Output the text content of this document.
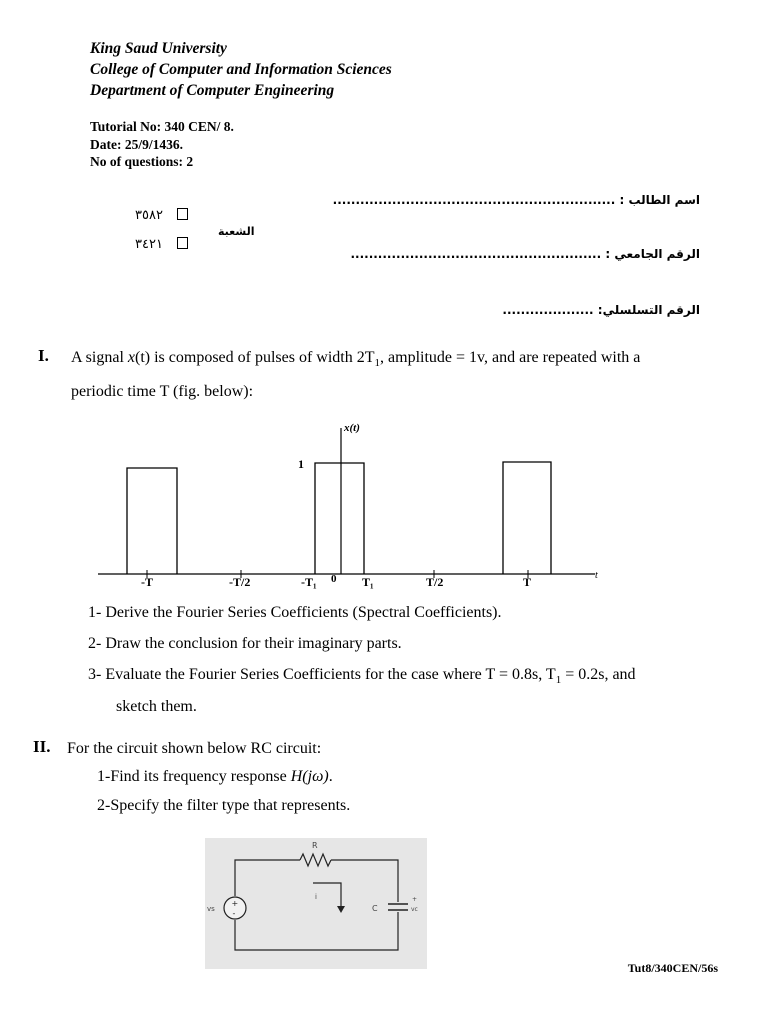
King Saud University
College of Computer and Information Sciences
Department of Computer Engineering
Tutorial No: 340 CEN/ 8.
Date: 25/9/1436.
No of questions: 2
اسم الطالب : ..............................................................
الرقم الجامعي : .......................................................
الرقم التسلسلي: ....................
الشعبة
٣٥٨٢
٣٤٢١
I. A signal x(t) is composed of pulses of width $2T_1$, amplitude = 1v, and are repeated with a
periodic time T (fig. below):
x(t)
t
1
0
-T	-T/2	-T₁	T₁	T/2	T
1- Derive the Fourier Series Coefficients (Spectral Coefficients).
2- Draw the conclusion for their imaginary parts.
3- Evaluate the Fourier Series Coefficients for the case where T = 0.8s, $T_1 = 0.2s$, and
sketch them.
II. For the circuit shown below RC circuit:
1-Find its frequency response H(jω).
2-Specify the filter type that represents.
+
-
R
C
vs
i	+
vc
Tut8/340CEN/56s
